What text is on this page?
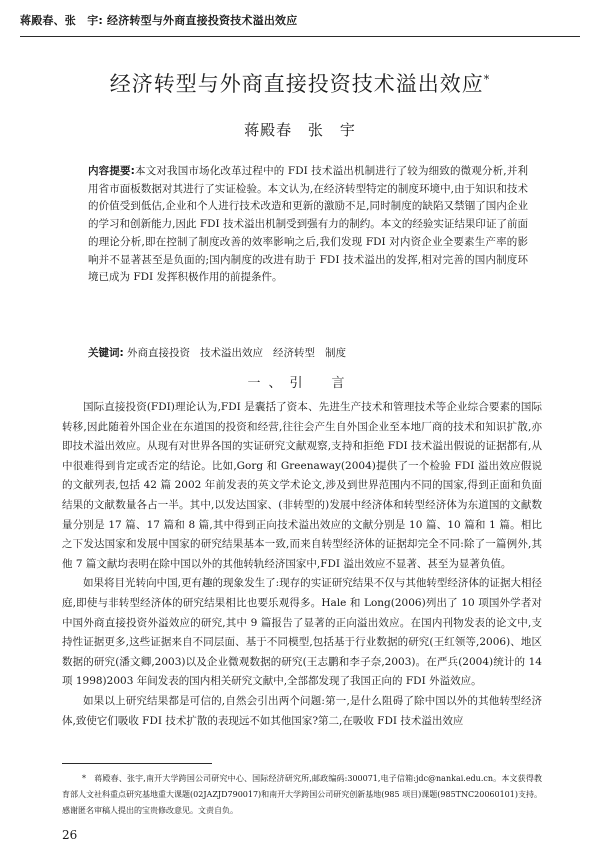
蒋殿春、张　宇: 经济转型与外商直接投资技术溢出效应
经济转型与外商直接投资技术溢出效应*
蒋殿春 张　宇
内容提要:本文对我国市场化改革过程中的 FDI 技术溢出机制进行了较为细致的微观分析,并利用省市面板数据对其进行了实证检验。本文认为,在经济转型特定的制度环境中,由于知识和技术的价值受到低估,企业和个人进行技术改造和更新的激励不足,同时制度的缺陷又禁锢了国内企业的学习和创新能力,因此 FDI 技术溢出机制受到强有力的制约。本文的经验实证结果印证了前面的理论分析,即在控制了制度改善的效率影响之后,我们发现 FDI 对内资企业全要素生产率的影响并不显著甚至是负面的;国内制度的改进有助于 FDI 技术溢出的发挥,相对完善的国内制度环境已成为 FDI 发挥积极作用的前提条件。
关键词: 外商直接投资 技术溢出效应 经济转型 制度
一、引　言

国际直接投资(FDI)理论认为,FDI 是囊括了资本、先进生产技术和管理技术等企业综合要素的国际转移,因此随着外国企业在东道国的投资和经营,往往会产生自外国企业至本地厂商的技术和知识扩散,亦即技术溢出效应。从现有对世界各国的实证研究文献观察,支持和拒绝 FDI 技术溢出假说的证据都有,从中很难得到肯定或否定的结论。比如,Gorg 和 Greenaway(2004)提供了一个检验 FDI 溢出效应假说的文献列表,包括 42 篇 2002 年前发表的英文学术论文,涉及到世界范围内不同的国家,得到正面和负面结果的文献数量各占一半。其中,以发达国家、(非转型的)发展中经济体和转型经济体为东道国的文献数量分别是 17 篇、17 篇和 8 篇,其中得到正向技术溢出效应的文献分别是 10 篇、10 篇和 1 篇。相比之下发达国家和发展中国家的研究结果基本一致,而来自转型经济体的证据却完全不同:除了一篇例外,其他 7 篇文献均表明在除中国以外的其他转轨经济国家中,FDI 溢出效应不显著、甚至为显著负值。

如果将目光转向中国,更有趣的现象发生了:现存的实证研究结果不仅与其他转型经济体的证据大相径庭,即使与非转型经济体的研究结果相比也要乐观得多。Hale 和 Long(2006)列出了 10 项国外学者对中国外商直接投资外溢效应的研究,其中 9 篇报告了显著的正向溢出效应。在国内刊物发表的论文中,支持性证据更多,这些证据来自不同层面、基于不同模型,包括基于行业数据的研究(王红领等,2006)、地区数据的研究(潘文卿,2003)以及企业微观数据的研究(王志鹏和李子奈,2003)。在严兵(2004)统计的 14 项 1998)2003 年间发表的国内相关研究文献中,全部都发现了我国正向的 FDI 外溢效应。

如果以上研究结果都是可信的,自然会引出两个问题:第一,是什么阻碍了除中国以外的其他转型经济体,致使它们吸收 FDI 技术扩散的表现远不如其他国家?第二,在吸收 FDI 技术溢出效应

*　 蒋殿春、张宇,南开大学跨国公司研究中心、国际经济研究所,邮政编码:300071,电子信箱:jdc@nankai.edu.cn。本文获得教育部人文社科重点研究基地重大课题(02JAZJD790017)和南开大学跨国公司研究创新基地(985 项目)课题(985TNC20060101)支持。感谢匿名审稿人提出的宝贵修改意见。文责自负。

26
